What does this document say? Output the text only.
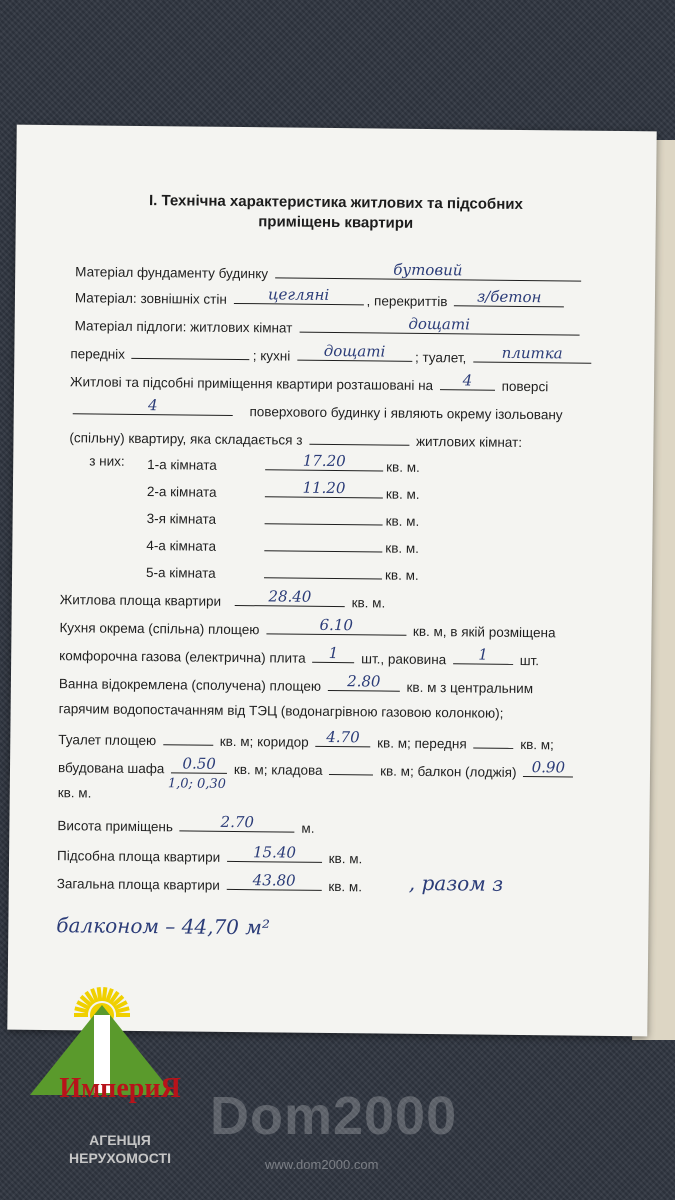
І. Технічна характеристика житлових та підсобних
приміщень квартири
Матеріал фундаменту будинку	бутовий
Матеріал: зовнішніх стін	цегляні	, перекриттів з/бетон
Матеріал підлоги: житлових кімнат	дощаті
передніх	; кухні дощаті ; туалет, плитка
Житлові та підсобні приміщення квартири розташовані на 4 поверсі
4	поверхового будинку і являють окрему ізольовану
(спільну) квартиру, яка складається з	житлових кімнат:
з них: 1-а кімната	17.20	кв. м.
2-а кімната	11.20	кв. м.
3-я кімната	кв. м.
4-а кімната	кв. м.
5-а кімната	кв. м.
Житлова площа квартири	28.40	кв. м.
Кухня окрема (спільна) площею	6.10	кв. м, в якій розміщена
комфорочна газова (електрична) плита 1 шт., раковина 1 шт.
Ванна відокремлена (сполучена) площею 2.80 кв. м з центральним
гарячим водопостачанням від ТЭЦ (водонагрівною газовою колонкою);
Туалет площею	кв. м; коридор 4.70 кв. м; передня	кв. м;
вбудована шафа 0.50 кв. м; кладова	кв. м; балкон (лоджія) 0.90
1,0; 0,30
кв. м.
Висота приміщень	2.70	м.
Підсобна площа квартири 15.40 кв. м.
Загальна площа квартири 43.80 кв. м. , разом з
балконом – 44,70 м²
ИмпериЯ
АГЕНЦІЯ
НЕРУХОМОСТІ
Dom2000
www.dom2000.com
